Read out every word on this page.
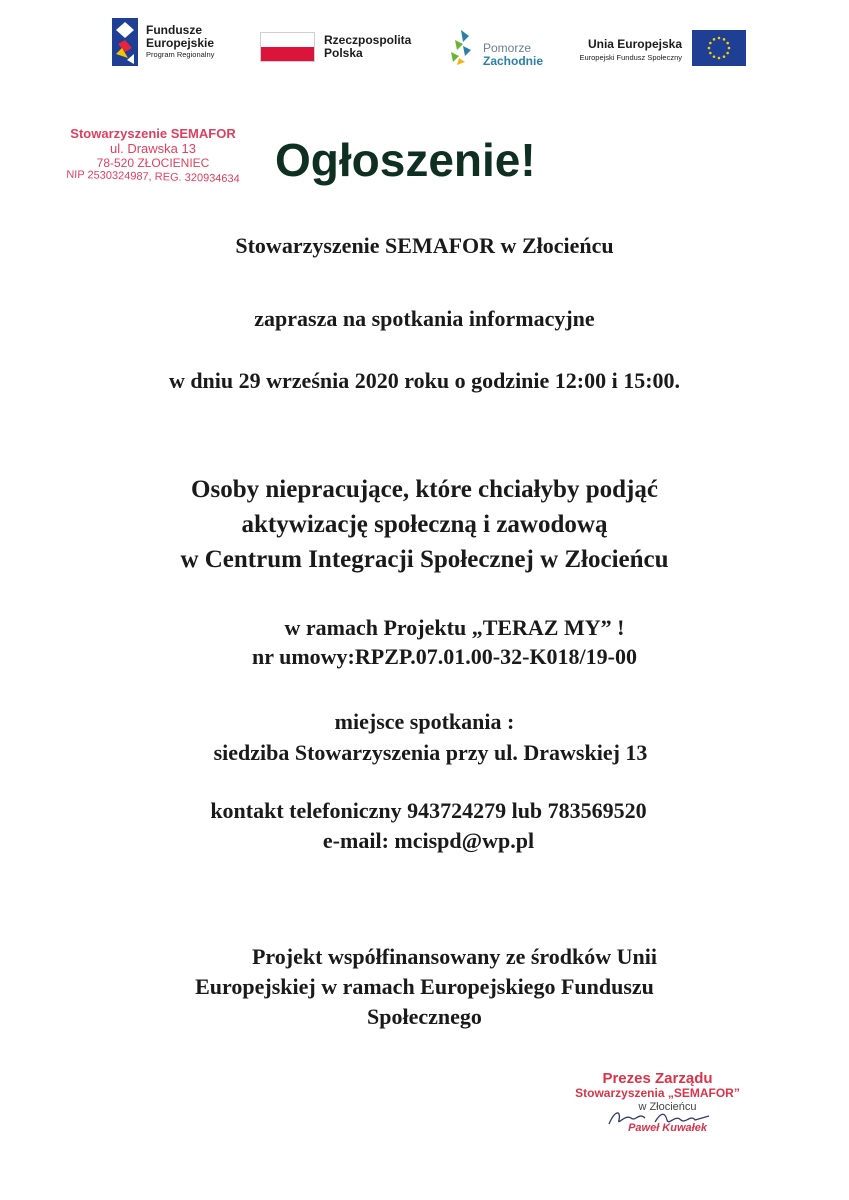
Fundusze
Europejskie
Program Regionalny
Rzeczpospolita
Polska	Pomorze
Zachodnie
Unia Europejska
Europejski Fundusz Społeczny
Stowarzyszenie SEMAFOR
ul. Drawska 13
78-520 ZŁOCIENIEC
NIP 2530324987, REG. 320934634 Ogłoszenie!
Stowarzyszenie SEMAFOR w Złocieńcu
zaprasza na spotkania informacyjne
w dniu 29 września 2020 roku o godzinie 12:00 i 15:00.
Osoby niepracujące, które chciałyby podjąć
aktywizację społeczną i zawodową
w Centrum Integracji Społecznej w Złocieńcu
w ramach Projektu „TERAZ MY” !
nr umowy:RPZP.07.01.00-32-K018/19-00
miejsce spotkania :
siedziba Stowarzyszenia przy ul. Drawskiej 13
kontakt telefoniczny 943724279 lub 783569520
e-mail: mcispd@wp.pl
Projekt współfinansowany ze środków Unii
Europejskiej w ramach Europejskiego Funduszu
Społecznego
Prezes Zarządu
Stowarzyszenia „SEMAFOR”
w Złocieńcu
Paweł Kuwałek
